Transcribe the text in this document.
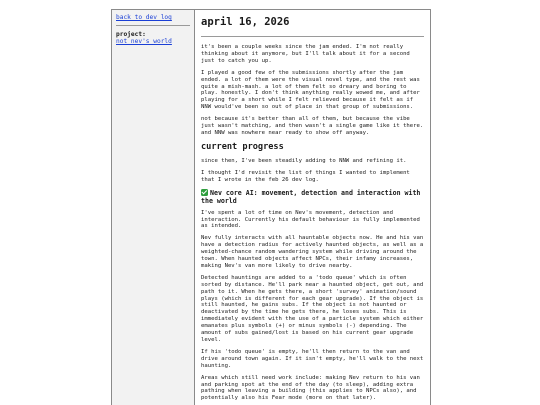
back to dev log
project:
not nev's world
april 16, 2026

it's been a couple weeks since the jam ended. I'm not really thinking about it anymore, but I'll talk about it for a second just to catch you up.

I played a good few of the submissions shortly after the jam ended. a lot of them were the visual novel type, and the rest was quite a mish-mash. a lot of them felt so dreary and boring to play. honestly. I don't think anything really wowed me, and after playing for a short while I felt relieved because it felt as if NNW would've been so out of place in that group of submissions.

not because it's better than all of them, but because the vibe just wasn't matching, and then wasn't a single game like it there. and NNW was nowhere near ready to show off anyway.

current progress

since then, I've been steadily adding to NNW and refining it.

I thought I'd revisit the list of things I wanted to implement that I wrote in the feb 26 dev log.

Nev core AI: movement, detection and interaction with the world

I've spent a lot of time on Nev's movement, detection and interaction. Currently his default behaviour is fully implemented as intended.

Nev fully interacts with all hauntable objects now. He and his van have a detection radius for actively haunted objects, as well as a weighted-chance random wandering system while driving around the town. When haunted objects affect NPCs, their infamy increases, making Nev's van more likely to drive nearby.

Detected hauntings are added to a 'todo queue' which is often sorted by distance. He'll park near a haunted object, get out, and path to it. When he gets there, a short 'survey' animation/sound plays (which is different for each gear upgrade). If the object is still haunted, he gains subs. If the object is not haunted or deactivated by the time he gets there, he loses subs. This is immediately evident with the use of a particle system which either emanates plus symbols (+) or minus symbols (-) depending. The amount of subs gained/lost is based on his current gear upgrade level.

If his 'todo queue' is empty, he'll then return to the van and drive around town again. If it isn't empty, he'll walk to the next haunting.

Areas which still need work include: making Nev return to his van and parking spot at the end of the day (to sleep), adding extra pathing when leaving a building (this applies to NPCs also), and potentially also his Fear mode (more on that later).
